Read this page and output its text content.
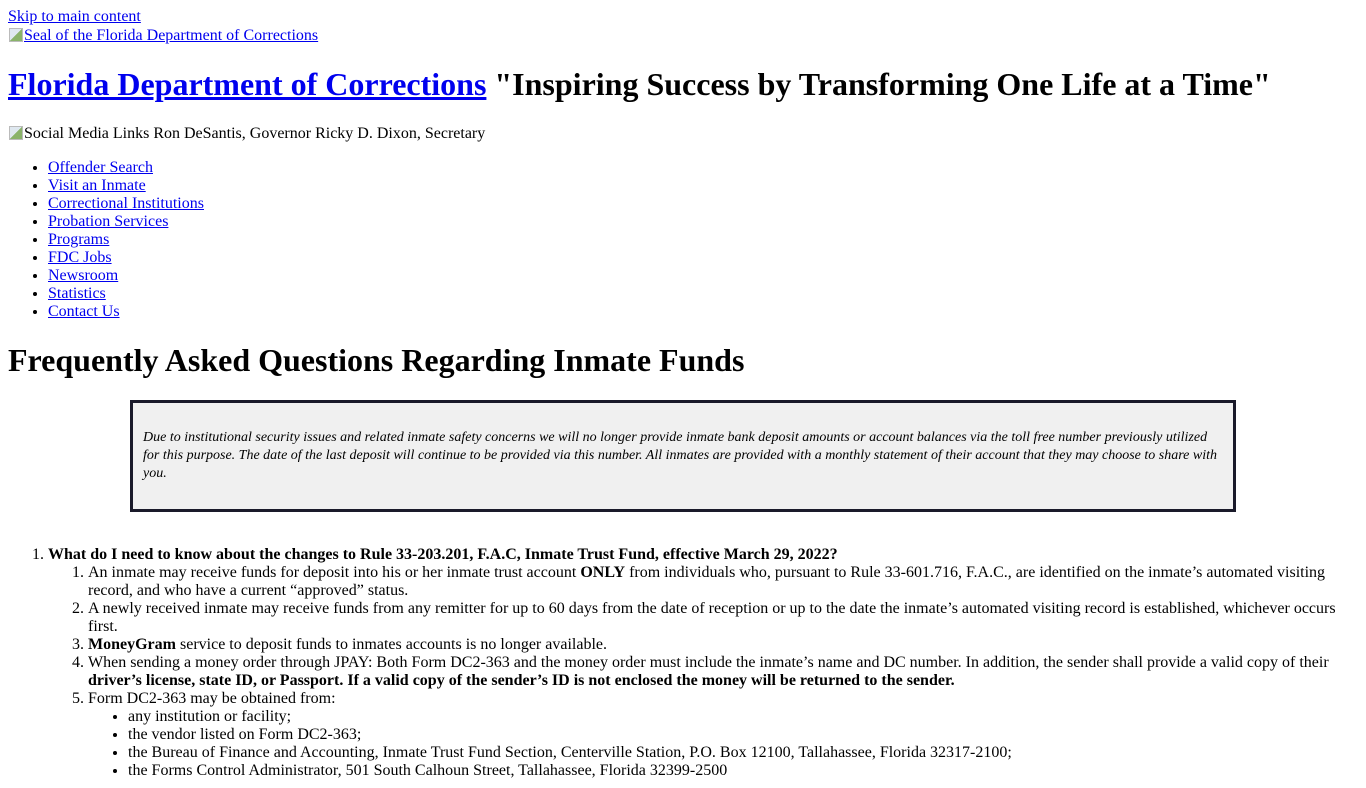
Skip to main content
Seal of the Florida Department of Corrections
Florida Department of Corrections "Inspiring Success by Transforming One Life at a Time"
Social Media Links Ron DeSantis, Governor Ricky D. Dixon, Secretary
• Offender Search
• Visit an Inmate
• Correctional Institutions
• Probation Services
• Programs
• FDC Jobs
• Newsroom
• Statistics
• Contact Us
Frequently Asked Questions Regarding Inmate Funds

Due to institutional security issues and related inmate safety concerns we will no longer provide inmate bank deposit amounts or account balances via the toll free number previously utilized for this purpose. The date of the last deposit will continue to be provided via this number. All inmates are provided with a monthly statement of their account that they may choose to share with you.

1. What do I need to know about the changes to Rule 33-203.201, F.A.C, Inmate Trust Fund, effective March 29, 2022?
1. An inmate may receive funds for deposit into his or her inmate trust account ONLY from individuals who, pursuant to Rule 33-601.716, F.A.C., are identified on the inmate’s automated visiting record, and who have a current “approved” status.
2. A newly received inmate may receive funds from any remitter for up to 60 days from the date of reception or up to the date the inmate’s automated visiting record is established, whichever occurs first.
3. MoneyGram service to deposit funds to inmates accounts is no longer available.
4. When sending a money order through JPAY: Both Form DC2-363 and the money order must include the inmate’s name and DC number. In addition, the sender shall provide a valid copy of their driver’s license, state ID, or Passport. If a valid copy of the sender’s ID is not enclosed the money will be returned to the sender.
5. Form DC2-363 may be obtained from:
• any institution or facility;
• the vendor listed on Form DC2-363;
• the Bureau of Finance and Accounting, Inmate Trust Fund Section, Centerville Station, P.O. Box 12100, Tallahassee, Florida 32317-2100;
• the Forms Control Administrator, 501 South Calhoun Street, Tallahassee, Florida 32399-2500
